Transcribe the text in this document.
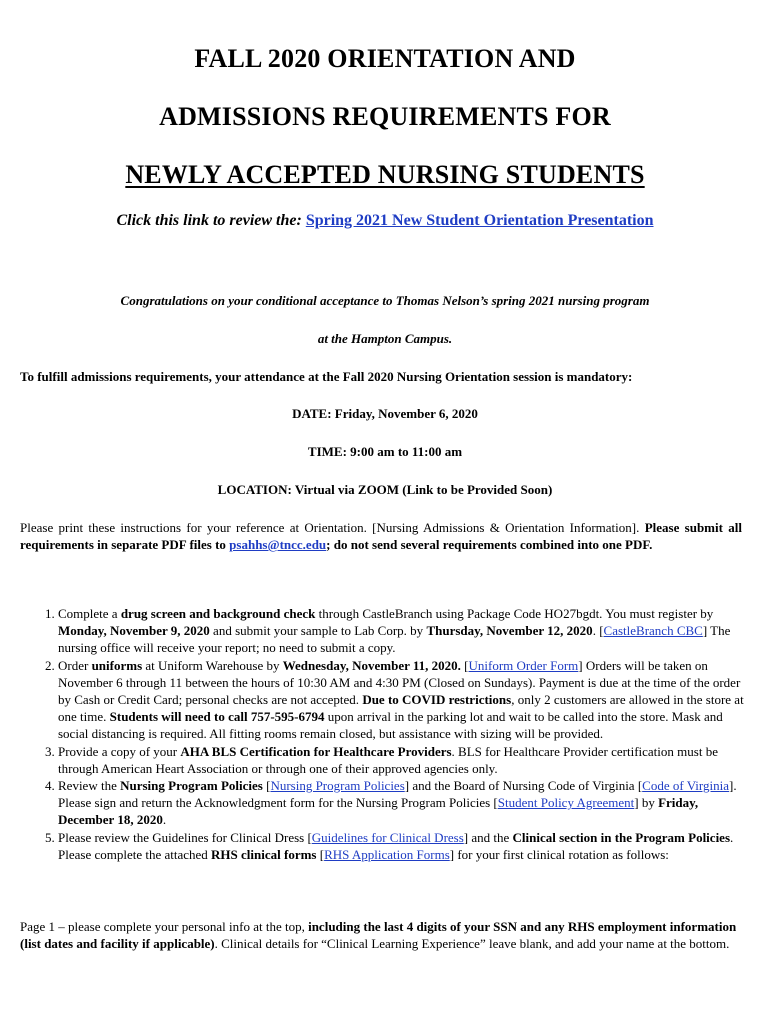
FALL 2020 ORIENTATION AND
ADMISSIONS REQUIREMENTS FOR
NEWLY ACCEPTED NURSING STUDENTS
Click this link to review the: Spring 2021 New Student Orientation Presentation
Congratulations on your conditional acceptance to Thomas Nelson’s spring 2021 nursing program
at the Hampton Campus.
To fulfill admissions requirements, your attendance at the Fall 2020 Nursing Orientation session is mandatory:
DATE: Friday, November 6, 2020
TIME: 9:00 am to 11:00 am
LOCATION: Virtual via ZOOM (Link to be Provided Soon)
Please print these instructions for your reference at Orientation. [Nursing Admissions & Orientation Information]. Please submit all requirements in separate PDF files to psahhs@tncc.edu; do not send several requirements combined into one PDF.
1. Complete a drug screen and background check through CastleBranch using Package Code HO27bgdt. You must register by Monday, November 9, 2020 and submit your sample to Lab Corp. by Thursday, November 12, 2020. [CastleBranch CBC] The nursing office will receive your report; no need to submit a copy.
2. Order uniforms at Uniform Warehouse by Wednesday, November 11, 2020. [Uniform Order Form] Orders will be taken on November 6 through 11 between the hours of 10:30 AM and 4:30 PM (Closed on Sundays). Payment is due at the time of the order by Cash or Credit Card; personal checks are not accepted. Due to COVID restrictions, only 2 customers are allowed in the store at one time. Students will need to call 757-595-6794 upon arrival in the parking lot and wait to be called into the store. Mask and social distancing is required. All fitting rooms remain closed, but assistance with sizing will be provided.
3. Provide a copy of your AHA BLS Certification for Healthcare Providers. BLS for Healthcare Provider certification must be through American Heart Association or through one of their approved agencies only.
4. Review the Nursing Program Policies [Nursing Program Policies] and the Board of Nursing Code of Virginia [Code of Virginia]. Please sign and return the Acknowledgment form for the Nursing Program Policies [Student Policy Agreement] by Friday, December 18, 2020.
5. Please review the Guidelines for Clinical Dress [Guidelines for Clinical Dress] and the Clinical section in the Program Policies. Please complete the attached RHS clinical forms [RHS Application Forms] for your first clinical rotation as follows:
Page 1 – please complete your personal info at the top, including the last 4 digits of your SSN and any RHS employment information (list dates and facility if applicable). Clinical details for “Clinical Learning Experience” leave blank, and add your name at the bottom.
